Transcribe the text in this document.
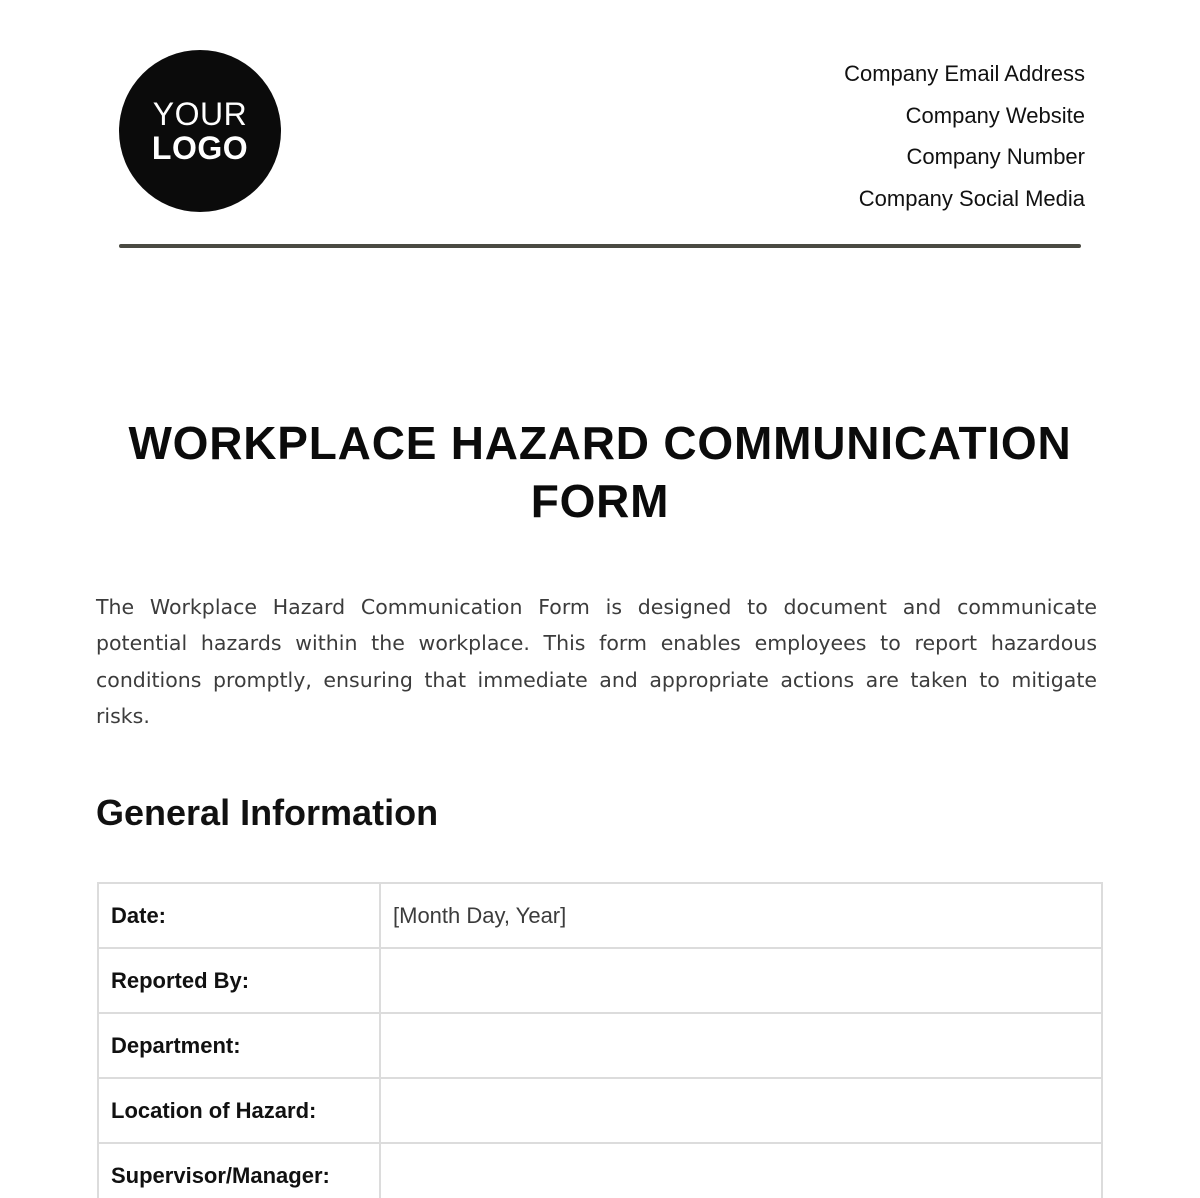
YOUR
LOGO
Company Email Address
Company Website
Company Number
Company Social Media
WORKPLACE HAZARD COMMUNICATION FORM

The Workplace Hazard Communication Form is designed to document and communicate potential hazards within the workplace. This form enables employees to report hazardous conditions promptly, ensuring that immediate and appropriate actions are taken to mitigate risks.

General Information
Date:	[Month Day, Year]
Reported By:	
Department:	
Location of Hazard:	
Supervisor/Manager:	
